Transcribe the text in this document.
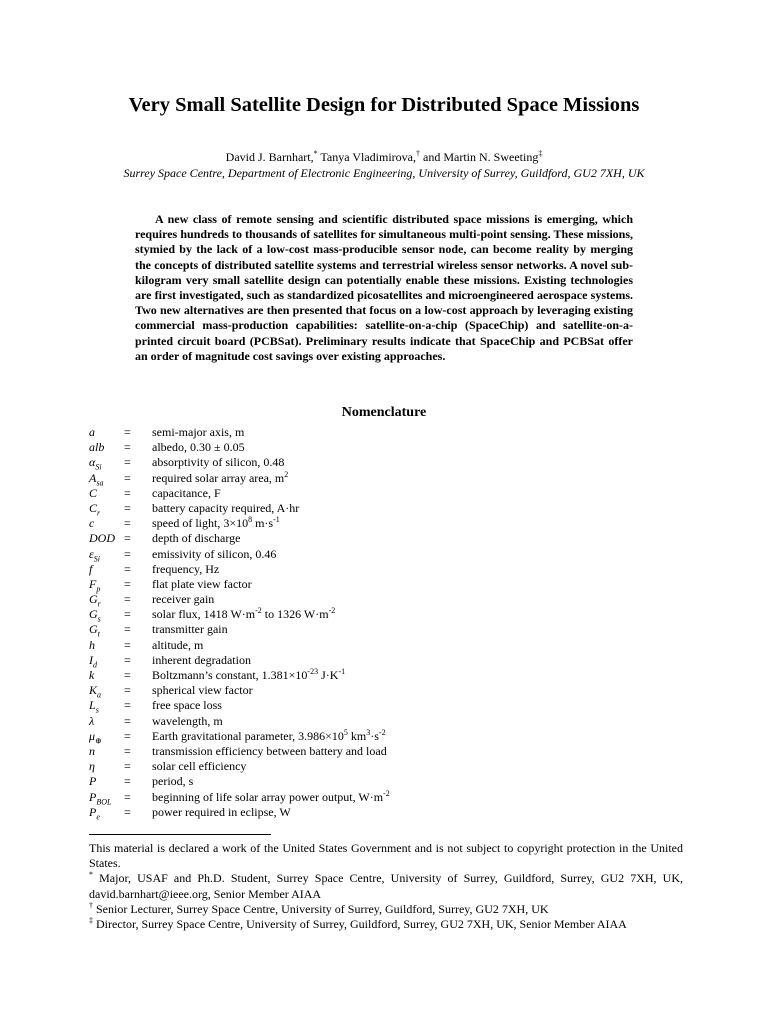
Very Small Satellite Design for Distributed Space Missions
David J. Barnhart,* Tanya Vladimirova,† and Martin N. Sweeting‡
Surrey Space Centre, Department of Electronic Engineering, University of Surrey, Guildford, GU2 7XH, UK
A new class of remote sensing and scientific distributed space missions is emerging, which requires hundreds to thousands of satellites for simultaneous multi-point sensing. These missions, stymied by the lack of a low-cost mass-producible sensor node, can become reality by merging the concepts of distributed satellite systems and terrestrial wireless sensor networks. A novel sub-kilogram very small satellite design can potentially enable these missions. Existing technologies are first investigated, such as standardized picosatellites and microengineered aerospace systems. Two new alternatives are then presented that focus on a low-cost approach by leveraging existing commercial mass-production capabilities: satellite-on-a-chip (SpaceChip) and satellite-on-a-printed circuit board (PCBSat). Preliminary results indicate that SpaceChip and PCBSat offer an order of magnitude cost savings over existing approaches.
Nomenclature
a = semi-major axis, m
alb = albedo, 0.30 ± 0.05
$\alpha_{Si}$ = absorptivity of silicon, 0.48
$A_{sa}$ = required solar array area, $m^2$
C = capacitance, F
$C_r$ = battery capacity required, A·hr
c = speed of light, $3\times 10^8$ $m\cdot s^{-1}$
DOD = depth of discharge
$\varepsilon_{Si}$ = emissivity of silicon, 0.46
f	= frequency, Hz
$F_p$ = flat plate view factor
$G_r$ = receiver gain
$G_s$ = solar flux, 1418 $W\cdot m^{-2}$ to 1326 $W\cdot m^{-2}$
$G_t$ = transmitter gain
h = altitude, m
$I_d$ = inherent degradation
k = Boltzmann’s constant, $1.381\times 10^{-23}$ $J\cdot K^{-1}$
$K_a$ = spherical view factor
$L_s$ = free space loss
λ = wavelength, m
$\mu_\oplus$ = Earth gravitational parameter, $3.986\times 10^5$ $km^3\cdot s^{-2}$
n = transmission efficiency between battery and load
η = solar cell efficiency
P = period, s
$P_{BOL}$ = beginning of life solar array power output, $W\cdot m^{-2}$
$P_e$ = power required in eclipse, W

This material is declared a work of the United States Government and is not subject to copyright protection in the United States.

* Major, USAF and Ph.D. Student, Surrey Space Centre, University of Surrey, Guildford, Surrey, GU2 7XH, UK, david.barnhart@ieee.org, Senior Member AIAA

† Senior Lecturer, Surrey Space Centre, University of Surrey, Guildford, Surrey, GU2 7XH, UK

‡ Director, Surrey Space Centre, University of Surrey, Guildford, Surrey, GU2 7XH, UK, Senior Member AIAA
